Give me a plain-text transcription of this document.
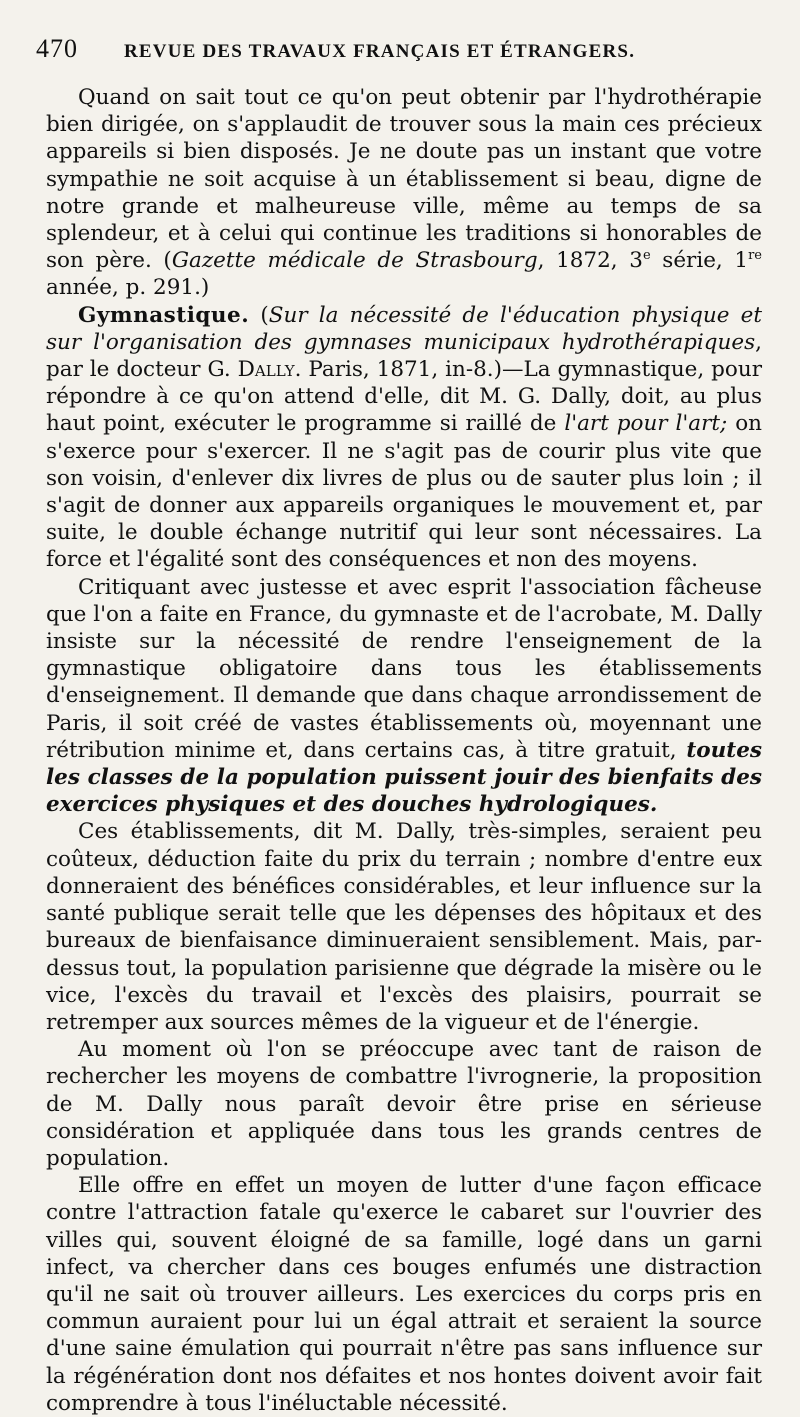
470	REVUE DES TRAVAUX FRANÇAIS ET ÉTRANGERS.

Quand on sait tout ce qu'on peut obtenir par l'hydrothérapie bien dirigée, on s'applaudit de trouver sous la main ces précieux appareils si bien disposés. Je ne doute pas un instant que votre sympathie ne soit acquise à un établissement si beau, digne de notre grande et malheureuse ville, même au temps de sa splendeur, et à celui qui continue les traditions si honorables de son père. (Gazette médicale de Strasbourg, 1872, 3e série, 1re année, p. 291.)

Gymnastique. (Sur la nécessité de l'éducation physique et sur l'organisation des gymnases municipaux hydrothérapiques, par le docteur G. Dally. Paris, 1871, in-8.)—La gymnastique, pour répondre à ce qu'on attend d'elle, dit M. G. Dally, doit, au plus haut point, exécuter le programme si raillé de l'art pour l'art; on s'exerce pour s'exercer. Il ne s'agit pas de courir plus vite que son voisin, d'enlever dix livres de plus ou de sauter plus loin ; il s'agit de donner aux appareils organiques le mouvement et, par suite, le double échange nutritif qui leur sont nécessaires. La force et l'égalité sont des conséquences et non des moyens.

Critiquant avec justesse et avec esprit l'association fâcheuse que l'on a faite en France, du gymnaste et de l'acrobate, M. Dally insiste sur la nécessité de rendre l'enseignement de la gymnastique obligatoire dans tous les établissements d'enseignement. Il demande que dans chaque arrondissement de Paris, il soit créé de vastes établissements où, moyennant une rétribution minime et, dans certains cas, à titre gratuit, toutes les classes de la population puissent jouir des bienfaits des exercices physiques et des douches hydrologiques.

Ces établissements, dit M. Dally, très-simples, seraient peu coûteux, déduction faite du prix du terrain ; nombre d'entre eux donneraient des bénéfices considérables, et leur influence sur la santé publique serait telle que les dépenses des hôpitaux et des bureaux de bienfaisance diminueraient sensiblement. Mais, par-dessus tout, la population parisienne que dégrade la misère ou le vice, l'excès du travail et l'excès des plaisirs, pourrait se retremper aux sources mêmes de la vigueur et de l'énergie.

Au moment où l'on se préoccupe avec tant de raison de rechercher les moyens de combattre l'ivrognerie, la proposition de M. Dally nous paraît devoir être prise en sérieuse considération et appliquée dans tous les grands centres de population.

Elle offre en effet un moyen de lutter d'une façon efficace contre l'attraction fatale qu'exerce le cabaret sur l'ouvrier des villes qui, souvent éloigné de sa famille, logé dans un garni infect, va chercher dans ces bouges enfumés une distraction qu'il ne sait où trouver ailleurs. Les exercices du corps pris en commun auraient pour lui un égal attrait et seraient la source d'une saine émulation qui pourrait n'être pas sans influence sur la régénération dont nos défaites et nos hontes doivent avoir fait comprendre à tous l'inéluctable nécessité.
